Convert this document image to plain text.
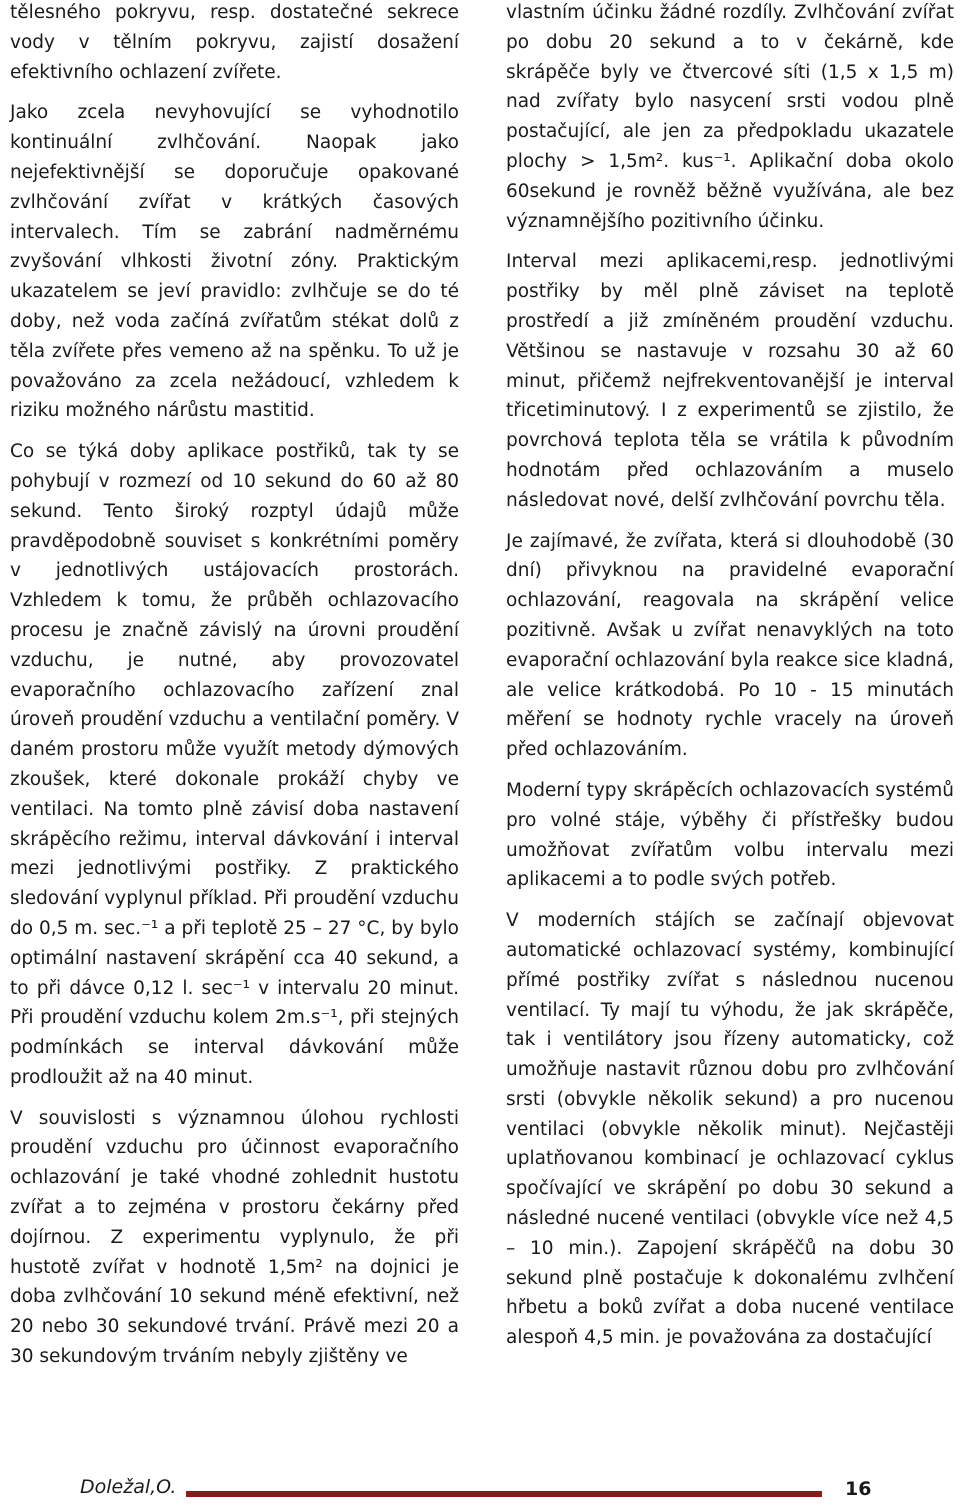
tělesného pokryvu, resp. dostatečné sekrece vody v tělním pokryvu, zajistí dosažení efektivního ochlazení zvířete.

Jako zcela nevyhovující se vyhodnotilo kontinuální zvlhčování. Naopak jako nejefektivnější se doporučuje opakované zvlhčování zvířat v krátkých časových intervalech. Tím se zabrání nadměrnému zvyšování vlhkosti životní zóny. Praktickým ukazatelem se jeví pravidlo: zvlhčuje se do té doby, než voda začíná zvířatům stékat dolů z těla zvířete přes vemeno až na spěnku. To už je považováno za zcela nežádoucí, vzhledem k riziku možného nárůstu mastitid.

Co se týká doby aplikace postřiků, tak ty se pohybují v rozmezí od 10 sekund do 60 až 80 sekund. Tento široký rozptyl údajů může pravděpodobně souviset s konkrétními poměry v jednotlivých ustájovacích prostorách. Vzhledem k tomu, že průběh ochlazovacího procesu je značně závislý na úrovni proudění vzduchu, je nutné, aby provozovatel evaporačního ochlazovacího zařízení znal úroveň proudění vzduchu a ventilační poměry. V daném prostoru může využít metody dýmových zkoušek, které dokonale prokáží chyby ve ventilaci. Na tomto plně závisí doba nastavení skrápěcího režimu, interval dávkování i interval mezi jednotlivými postřiky. Z praktického sledování vyplynul příklad. Při proudění vzduchu do 0,5 m. sec.⁻¹ a při teplotě 25 – 27 °C, by bylo optimální nastavení skrápění cca 40 sekund, a to při dávce 0,12 l. sec⁻¹ v intervalu 20 minut. Při proudění vzduchu kolem 2m.s⁻¹, při stejných podmínkách se interval dávkování může prodloužit až na 40 minut.

V souvislosti s významnou úlohou rychlosti proudění vzduchu pro účinnost evaporačního ochlazování je také vhodné zohlednit hustotu zvířat a to zejména v prostoru čekárny před dojírnou. Z experimentu vyplynulo, že při hustotě zvířat v hodnotě 1,5m² na dojnici je doba zvlhčování 10 sekund méně efektivní, než 20 nebo 30 sekundové trvání. Právě mezi 20 a 30 sekundovým trváním nebyly zjištěny ve

vlastním účinku žádné rozdíly. Zvlhčování zvířat po dobu 20 sekund a to v čekárně, kde skrápěče byly ve čtvercové síti (1,5 x 1,5 m) nad zvířaty bylo nasycení srsti vodou plně postačující, ale jen za předpokladu ukazatele plochy > 1,5m². kus⁻¹. Aplikační doba okolo 60sekund je rovněž běžně využívána, ale bez významnějšího pozitivního účinku.

Interval mezi aplikacemi,resp. jednotlivými postřiky by měl plně záviset na teplotě prostředí a již zmíněném proudění vzduchu. Většinou se nastavuje v rozsahu 30 až 60 minut, přičemž nejfrekventovanější je interval třicetiminutový. I z experimentů se zjistilo, že povrchová teplota těla se vrátila k původním hodnotám před ochlazováním a muselo následovat nové, delší zvlhčování povrchu těla.

Je zajímavé, že zvířata, která si dlouhodobě (30 dní) přivyknou na pravidelné evaporační ochlazování, reagovala na skrápění velice pozitivně. Avšak u zvířat nenavyklých na toto evaporační ochlazování byla reakce sice kladná, ale velice krátkodobá. Po 10 - 15 minutách měření se hodnoty rychle vracely na úroveň před ochlazováním.

Moderní typy skrápěcích ochlazovacích systémů pro volné stáje, výběhy či přístřešky budou umožňovat zvířatům volbu intervalu mezi aplikacemi a to podle svých potřeb.

V moderních stájích se začínají objevovat automatické ochlazovací systémy, kombinující přímé postřiky zvířat s následnou nucenou ventilací. Ty mají tu výhodu, že jak skrápěče, tak i ventilátory jsou řízeny automaticky, což umožňuje nastavit různou dobu pro zvlhčování srsti (obvykle několik sekund) a pro nucenou ventilaci (obvykle několik minut). Nejčastěji uplatňovanou kombinací je ochlazovací cyklus spočívající ve skrápění po dobu 30 sekund a následné nucené ventilaci (obvykle více než 4,5 – 10 min.). Zapojení skrápěčů na dobu 30 sekund plně postačuje k dokonalému zvlhčení hřbetu a boků zvířat a doba nucené ventilace alespoň 4,5 min. je považována za dostačující

Doležal,O.	16
